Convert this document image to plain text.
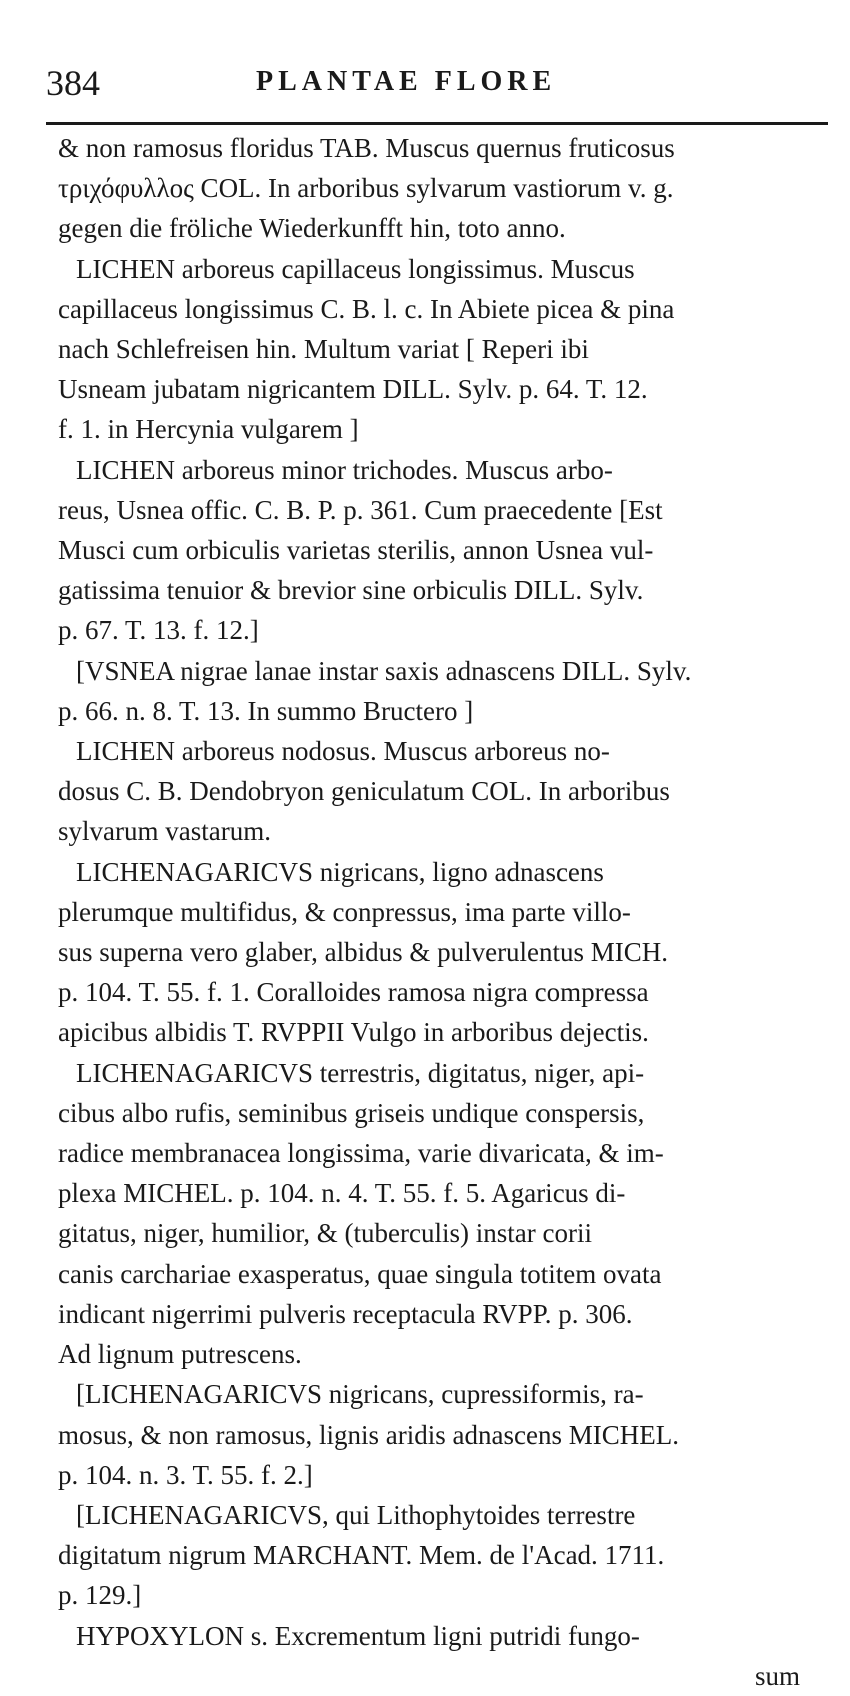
384	PLANTAE FLORE
& non ramosus floridus TAB. Muscus quernus fruticosus
τριχόφυλλος COL. In arboribus sylvarum vastiorum v. g.
gegen die fröliche Wiederkunfft hin, toto anno.
LICHEN arboreus capillaceus longissimus. Muscus
capillaceus longissimus C. B. l. c. In Abiete picea & pina
nach Schlefreisen hin. Multum variat [ Reperi ibi
Usneam jubatam nigricantem DILL. Sylv. p. 64. T. 12.
f. 1. in Hercynia vulgarem ]
LICHEN arboreus minor trichodes. Muscus arbo-
reus, Usnea offic. C. B. P. p. 361. Cum praecedente [Est
Musci cum orbiculis varietas sterilis, annon Usnea vul-
gatissima tenuior & brevior sine orbiculis DILL. Sylv.
p. 67. T. 13. f. 12.]
[VSNEA nigrae lanae instar saxis adnascens DILL. Sylv.
p. 66. n. 8. T. 13. In summo Bructero ]
LICHEN arboreus nodosus. Muscus arboreus no-
dosus C. B. Dendobryon geniculatum COL. In arboribus
sylvarum vastarum.
LICHENAGARICVS nigricans, ligno adnascens
plerumque multifidus, & conpressus, ima parte villo-
sus superna vero glaber, albidus & pulverulentus MICH.
p. 104. T. 55. f. 1. Coralloides ramosa nigra compressa
apicibus albidis T. RVPPII Vulgo in arboribus dejectis.
LICHENAGARICVS terrestris, digitatus, niger, api-
cibus albo rufis, seminibus griseis undique conspersis,
radice membranacea longissima, varie divaricata, & im-
plexa MICHEL. p. 104. n. 4. T. 55. f. 5. Agaricus di-
gitatus, niger, humilior, & (tuberculis) instar corii
canis carchariae exasperatus, quae singula totitem ovata
indicant nigerrimi pulveris receptacula RVPP. p. 306.
Ad lignum putrescens.
[LICHENAGARICVS nigricans, cupressiformis, ra-
mosus, & non ramosus, lignis aridis adnascens MICHEL.
p. 104. n. 3. T. 55. f. 2.]
[LICHENAGARICVS, qui Lithophytoides terrestre
digitatum nigrum MARCHANT. Mem. de l'Acad. 1711.
p. 129.]
HYPOXYLON s. Excrementum ligni putridi fungo-
sum
